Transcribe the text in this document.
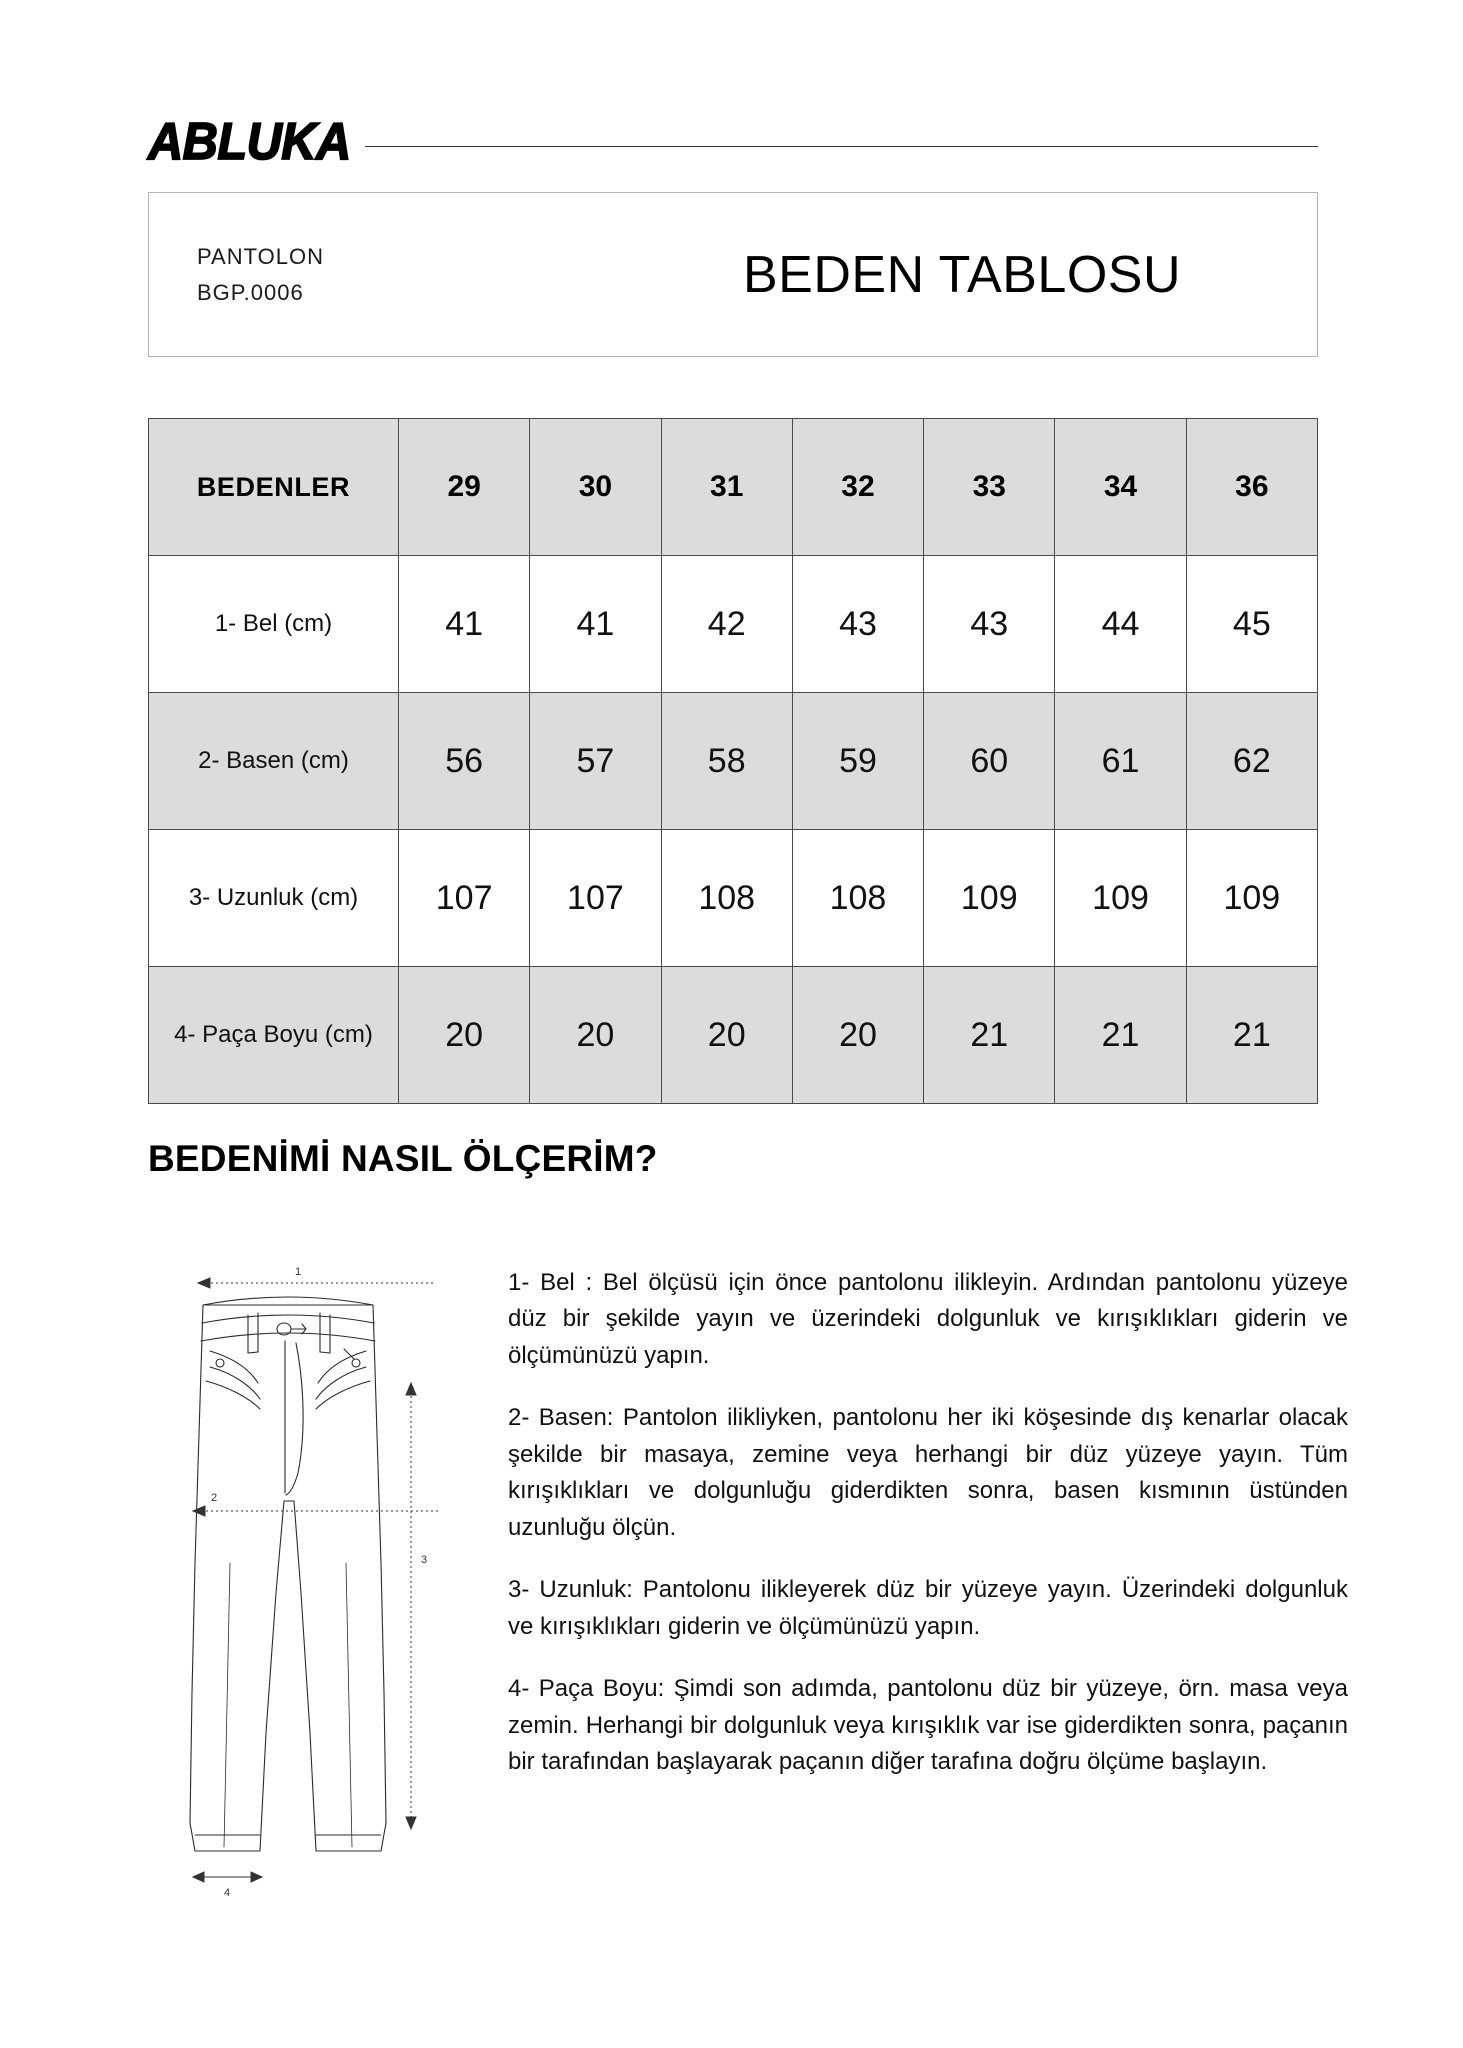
ABLUKA
PANTOLON
BGP.0006	BEDEN TABLOSU
BEDENLER	29	30	31	32	33	34	36
1- Bel (cm)	41	41	42	43	43	44	45
2- Basen (cm)	56	57	58	59	60	61	62
3- Uzunluk (cm)	107	107	108	108	109	109	109
4- Paça Boyu (cm)	20	20	20	20	21	21	21
BEDENİMİ NASIL ÖLÇERİM?
1
2
3
4

1- Bel : Bel ölçüsü için önce pantolonu ilikleyin. Ardından pantolonu yüzeye düz bir şekilde yayın ve üzerindeki dolgunluk ve kırışıklıkları giderin ve ölçümünüzü yapın.

2- Basen: Pantolon ilikliyken, pantolonu her iki köşesinde dış kenarlar olacak şekilde bir masaya, zemine veya herhangi bir düz yüzeye yayın. Tüm kırışıklıkları ve dolgunluğu giderdikten sonra, basen kısmının üstünden uzunluğu ölçün.

3- Uzunluk: Pantolonu ilikleyerek düz bir yüzeye yayın. Üzerindeki dolgunluk ve kırışıklıkları giderin ve ölçümünüzü yapın.

4- Paça Boyu: Şimdi son adımda, pantolonu düz bir yüzeye, örn. masa veya zemin. Herhangi bir dolgunluk veya kırışıklık var ise giderdikten sonra, paçanın bir tarafından başlayarak paçanın diğer tarafına doğru ölçüme başlayın.
